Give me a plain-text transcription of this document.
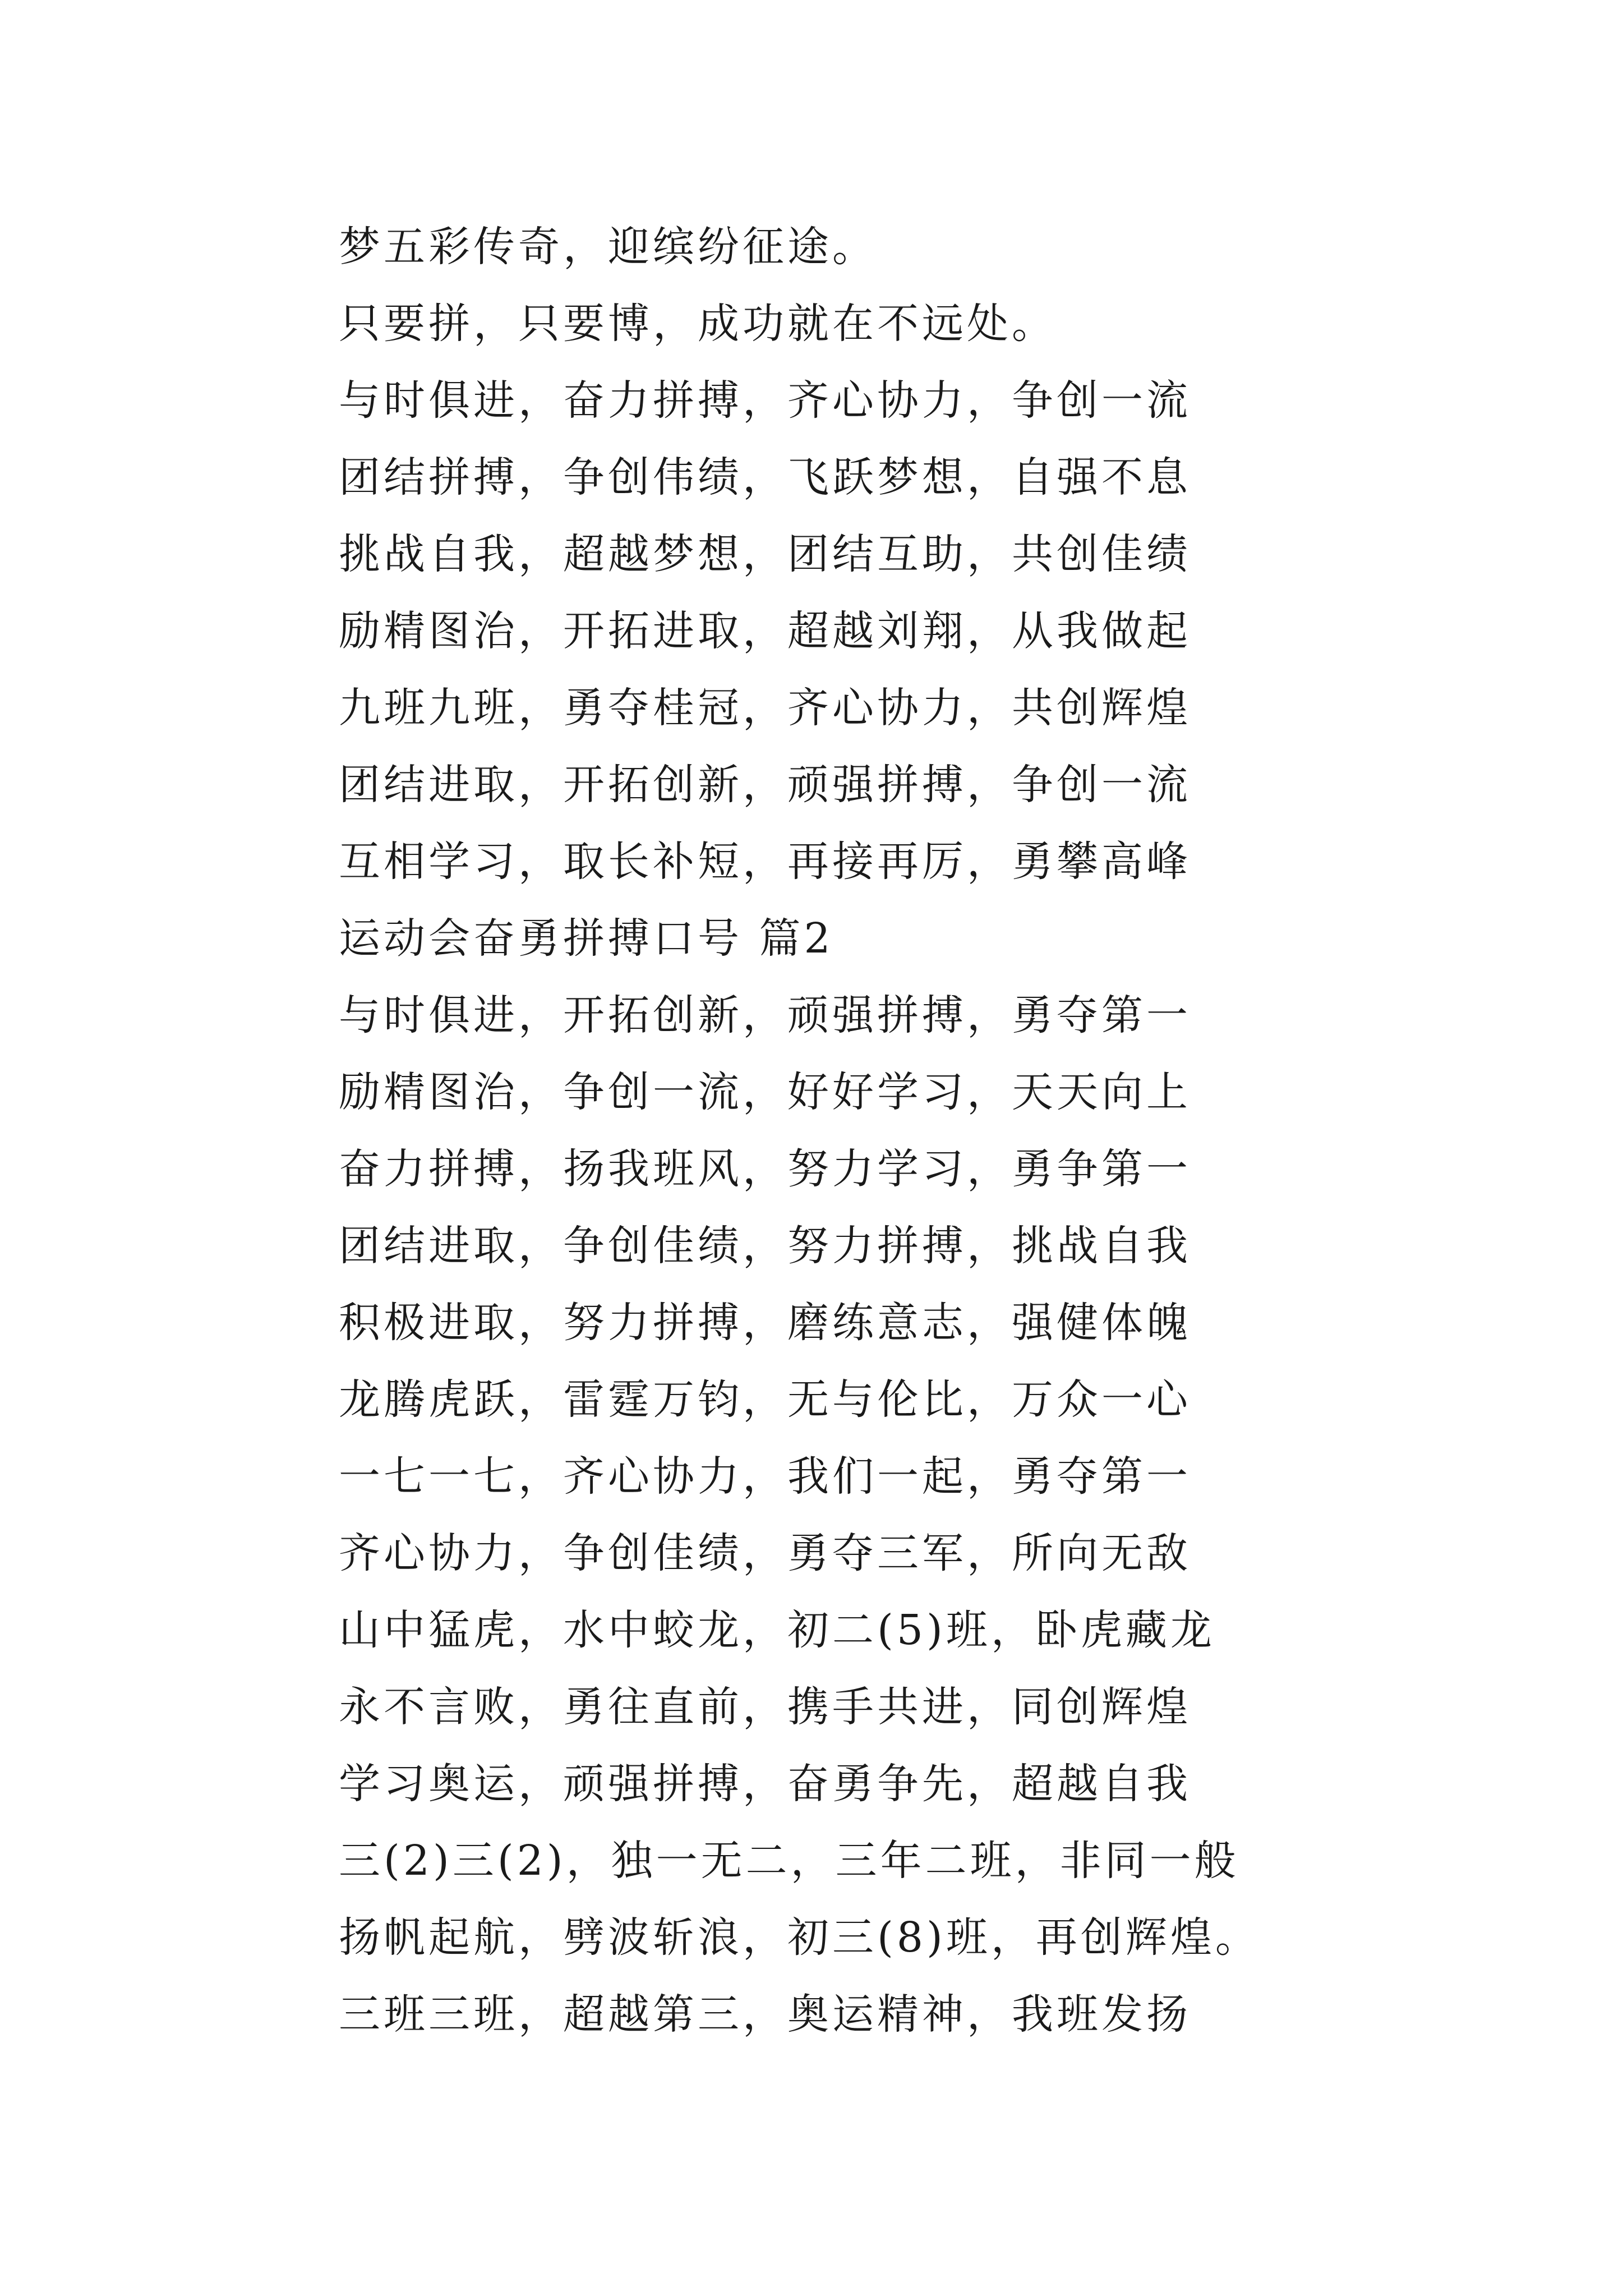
梦五彩传奇，迎缤纷征途。
只要拼，只要博，成功就在不远处。
与时俱进，奋力拼搏，齐心协力，争创一流
团结拼搏，争创伟绩，飞跃梦想，自强不息
挑战自我，超越梦想，团结互助，共创佳绩
励精图治，开拓进取，超越刘翔，从我做起
九班九班，勇夺桂冠，齐心协力，共创辉煌
团结进取，开拓创新，顽强拼搏，争创一流
互相学习，取长补短，再接再厉，勇攀高峰
运动会奋勇拼搏口号 篇2
与时俱进，开拓创新，顽强拼搏，勇夺第一
励精图治，争创一流，好好学习，天天向上
奋力拼搏，扬我班风，努力学习，勇争第一
团结进取，争创佳绩，努力拼搏，挑战自我
积极进取，努力拼搏，磨练意志，强健体魄
龙腾虎跃，雷霆万钧，无与伦比，万众一心
一七一七，齐心协力，我们一起，勇夺第一
齐心协力，争创佳绩，勇夺三军，所向无敌
山中猛虎，水中蛟龙，初二(5)班，卧虎藏龙
永不言败，勇往直前，携手共进，同创辉煌
学习奥运，顽强拼搏，奋勇争先，超越自我
三(2)三(2)，独一无二，三年二班，非同一般
扬帆起航，劈波斩浪，初三(8)班，再创辉煌。
三班三班，超越第三，奥运精神，我班发扬
